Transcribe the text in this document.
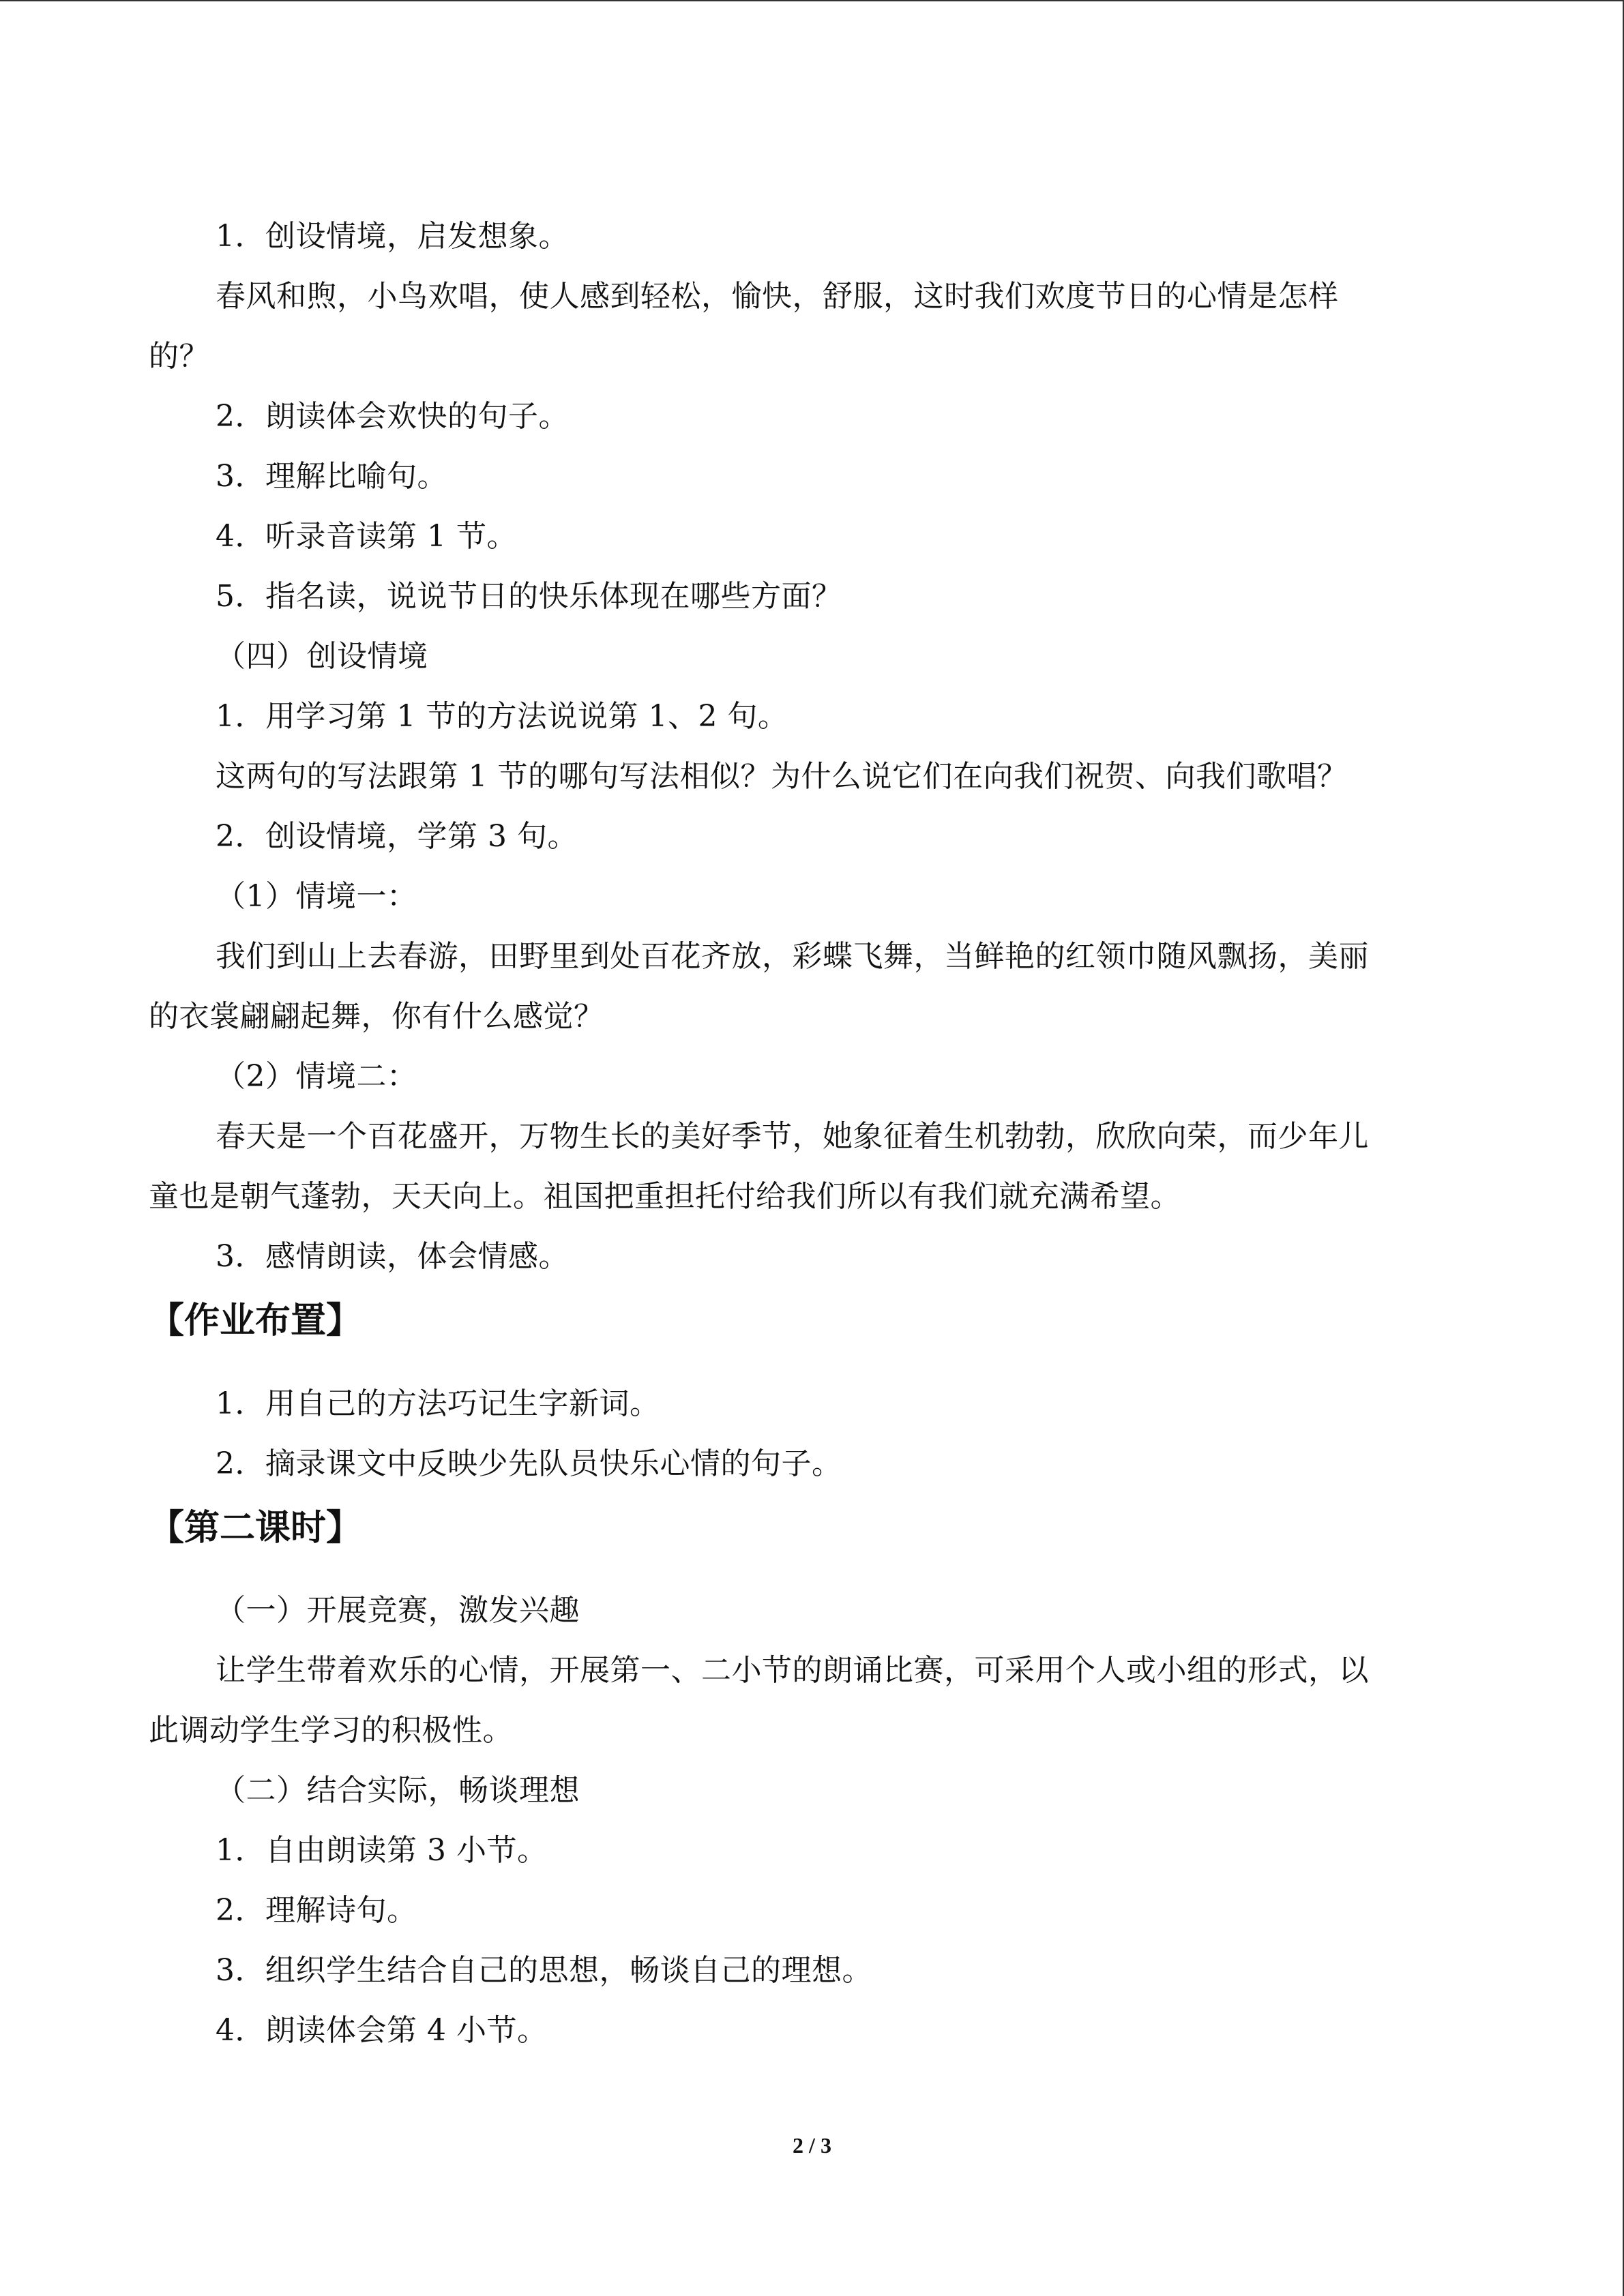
1．创设情境，启发想象。
春风和煦，小鸟欢唱，使人感到轻松，愉快，舒服，这时我们欢度节日的心情是怎样
的？
2．朗读体会欢快的句子。
3．理解比喻句。
4．听录音读第 1 节。
5．指名读，说说节日的快乐体现在哪些方面？
（四）创设情境
1．用学习第 1 节的方法说说第 1、2 句。
这两句的写法跟第 1 节的哪句写法相似？为什么说它们在向我们祝贺、向我们歌唱？
2．创设情境，学第 3 句。
（1）情境一：
我们到山上去春游，田野里到处百花齐放，彩蝶飞舞，当鲜艳的红领巾随风飘扬，美丽
的衣裳翩翩起舞，你有什么感觉？
（2）情境二：
春天是一个百花盛开，万物生长的美好季节，她象征着生机勃勃，欣欣向荣，而少年儿
童也是朝气蓬勃，天天向上。祖国把重担托付给我们所以有我们就充满希望。
3．感情朗读，体会情感。
【作业布置】
1．用自己的方法巧记生字新词。
2．摘录课文中反映少先队员快乐心情的句子。
【第二课时】
（一）开展竞赛，激发兴趣
让学生带着欢乐的心情，开展第一、二小节的朗诵比赛，可采用个人或小组的形式，以
此调动学生学习的积极性。
（二）结合实际，畅谈理想
1．自由朗读第 3 小节。
2．理解诗句。
3．组织学生结合自己的思想，畅谈自己的理想。
4．朗读体会第 4 小节。
2 / 3
